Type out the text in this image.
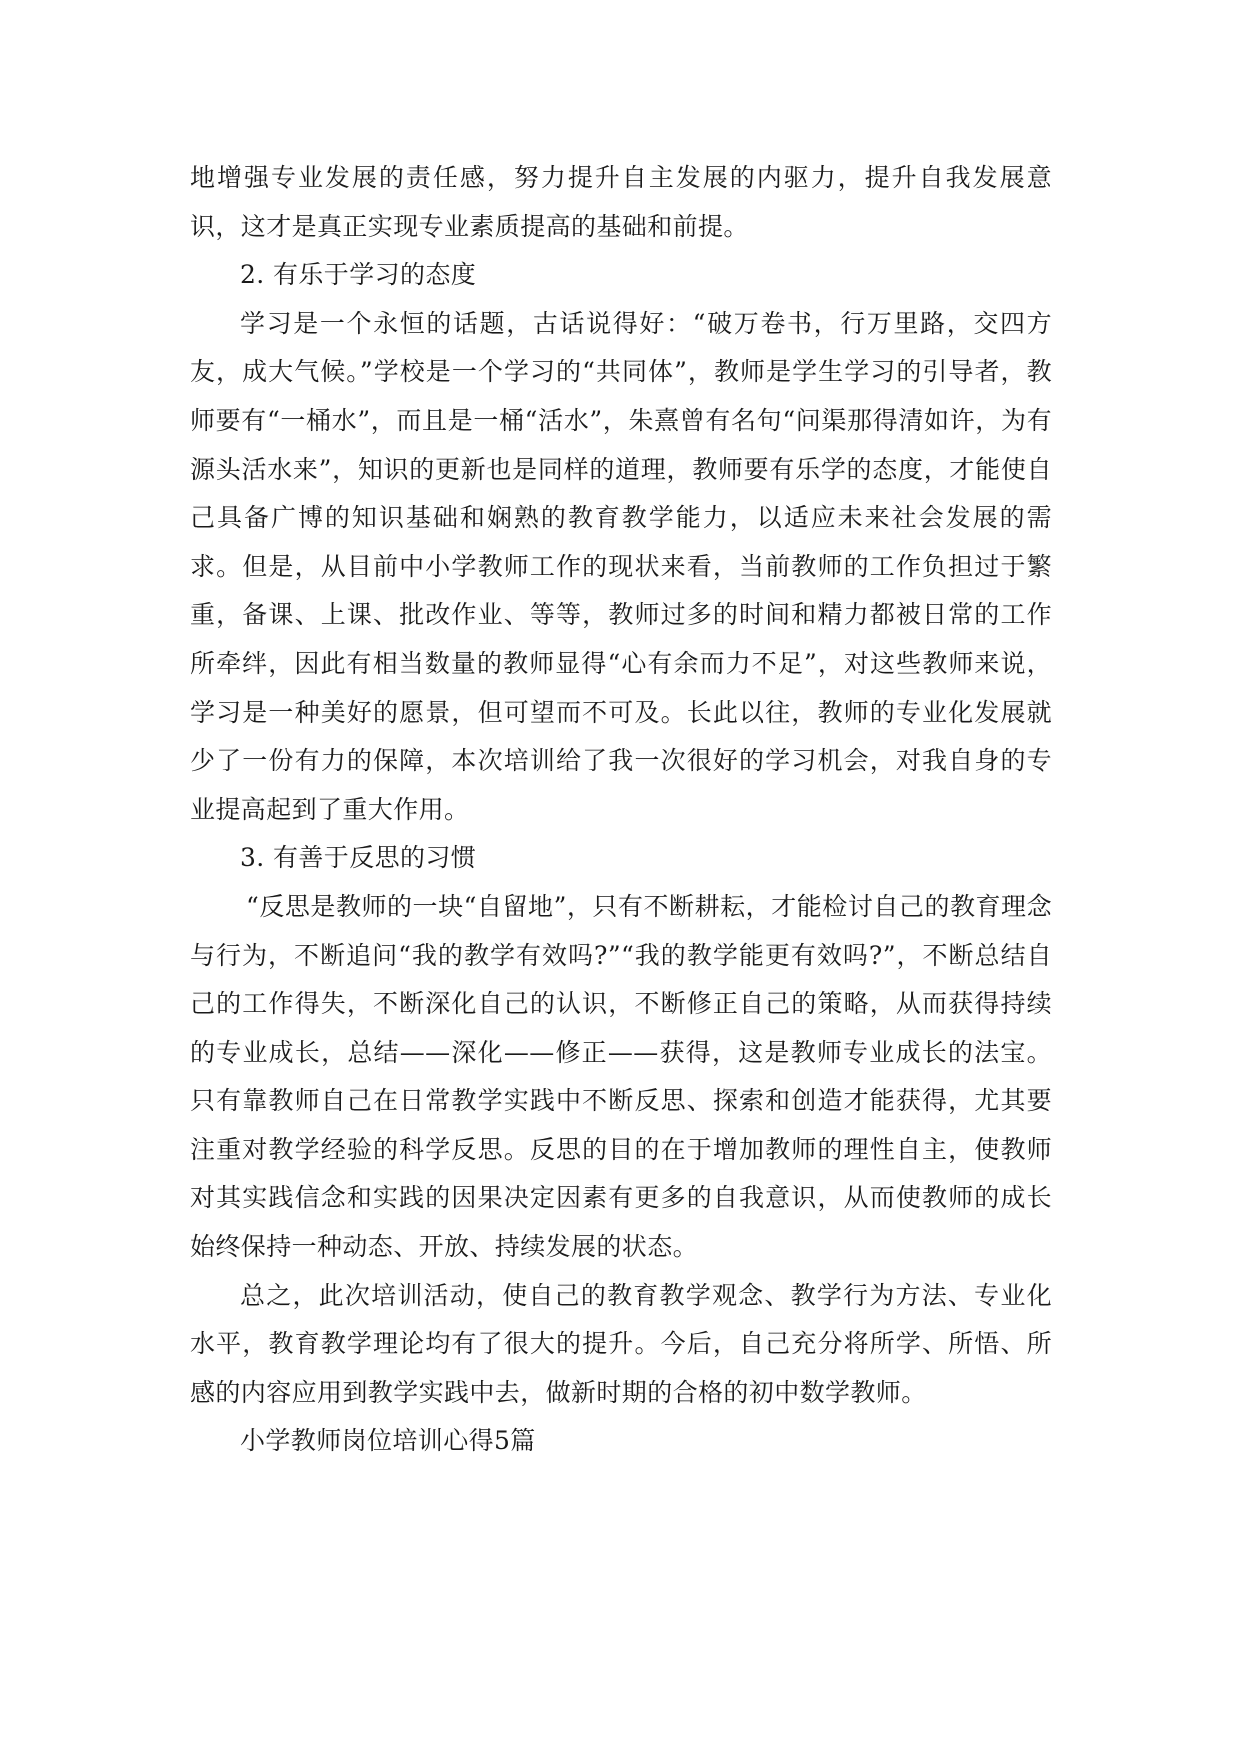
地增强专业发展的责任感，努力提升自主发展的内驱力，提升自我发展意识，这才是真正实现专业素质提高的基础和前提。

2. 有乐于学习的态度

学习是一个永恒的话题，古话说得好：“破万卷书，行万里路，交四方友，成大气候。”学校是一个学习的“共同体”，教师是学生学习的引导者，教师要有“一桶水”，而且是一桶“活水”，朱熹曾有名句“问渠那得清如许，为有源头活水来”，知识的更新也是同样的道理，教师要有乐学的态度，才能使自己具备广博的知识基础和娴熟的教育教学能力，以适应未来社会发展的需求。但是，从目前中小学教师工作的现状来看，当前教师的工作负担过于繁重，备课、上课、批改作业、等等，教师过多的时间和精力都被日常的工作所牵绊，因此有相当数量的教师显得“心有余而力不足”，对这些教师来说，学习是一种美好的愿景，但可望而不可及。长此以往，教师的专业化发展就少了一份有力的保障，本次培训给了我一次很好的学习机会，对我自身的专业提高起到了重大作用。

3. 有善于反思的习惯

“反思是教师的一块“自留地”，只有不断耕耘，才能检讨自己的教育理念与行为，不断追问“我的教学有效吗?”“我的教学能更有效吗?”，不断总结自己的工作得失，不断深化自己的认识，不断修正自己的策略，从而获得持续的专业成长，总结——深化——修正——获得，这是教师专业成长的法宝。只有靠教师自己在日常教学实践中不断反思、探索和创造才能获得，尤其要注重对教学经验的科学反思。反思的目的在于增加教师的理性自主，使教师对其实践信念和实践的因果决定因素有更多的自我意识，从而使教师的成长始终保持一种动态、开放、持续发展的状态。

总之，此次培训活动，使自己的教育教学观念、教学行为方法、专业化水平，教育教学理论均有了很大的提升。今后，自己充分将所学、所悟、所感的内容应用到教学实践中去，做新时期的合格的初中数学教师。

小学教师岗位培训心得5篇
